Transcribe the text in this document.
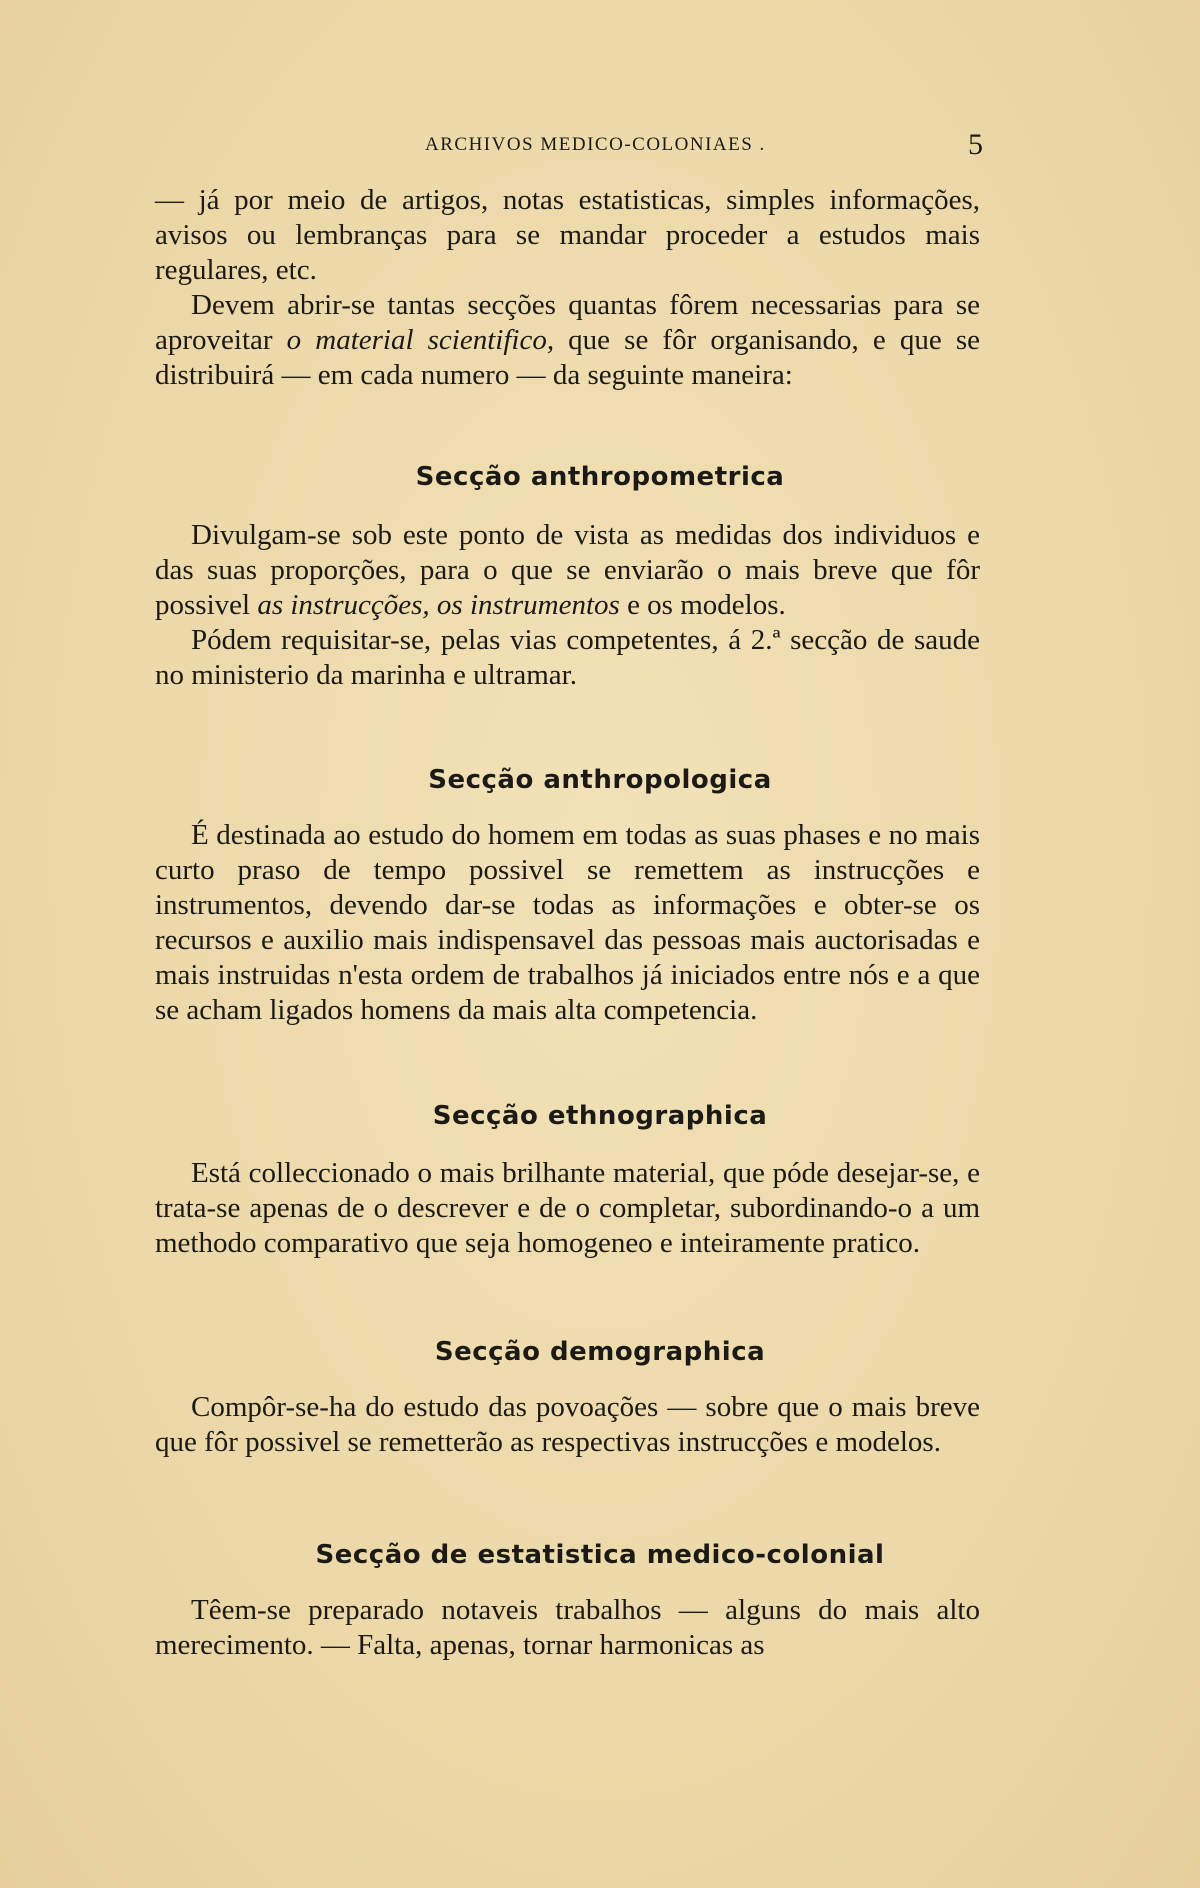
ARCHIVOS MEDICO-COLONIAES .	5

— já por meio de artigos, notas estatisticas, simples informações, avisos ou lembranças para se mandar proceder a estudos mais regulares, etc.

Devem abrir-se tantas secções quantas fôrem necessarias para se aproveitar o material scientifico, que se fôr organisando, e que se distribuirá — em cada numero — da seguinte maneira:

Secção anthropometrica

Divulgam-se sob este ponto de vista as medidas dos individuos e das suas proporções, para o que se enviarão o mais breve que fôr possivel as instrucções, os instrumentos e os modelos.

Pódem requisitar-se, pelas vias competentes, á 2.ª secção de saude no ministerio da marinha e ultramar.

Secção anthropologica

É destinada ao estudo do homem em todas as suas phases e no mais curto praso de tempo possivel se remettem as instrucções e instrumentos, devendo dar-se todas as informações e obter-se os recursos e auxilio mais indispensavel das pessoas mais auctorisadas e mais instruidas n'esta ordem de trabalhos já iniciados entre nós e a que se acham ligados homens da mais alta competencia.

Secção ethnographica

Está colleccionado o mais brilhante material, que póde desejar-se, e trata-se apenas de o descrever e de o completar, subordinando-o a um methodo comparativo que seja homogeneo e inteiramente pratico.

Secção demographica

Compôr-se-ha do estudo das povoações — sobre que o mais breve que fôr possivel se remetterão as respectivas instrucções e modelos.

Secção de estatistica medico-colonial

Têem-se preparado notaveis trabalhos — alguns do mais alto merecimento. — Falta, apenas, tornar harmonicas as
